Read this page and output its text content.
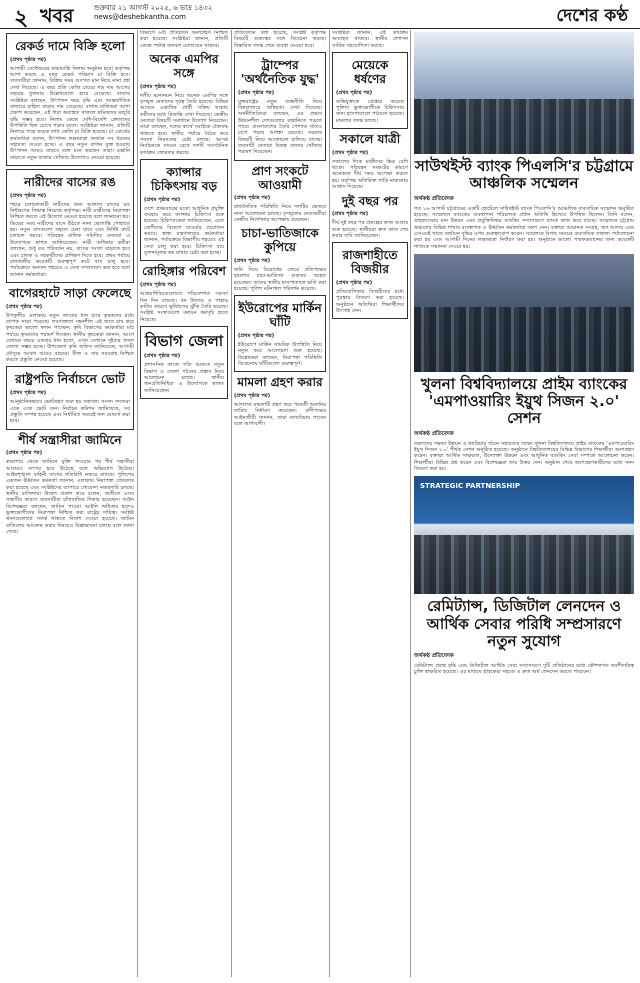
২ খবর	শুক্রবার ২১ আগস্ট ২০২৫, ৬ ভাদ্র ১৪৩২
news@deshebkantha.com	দেশের কণ্ঠ
রেকর্ড দামে বিক্রি হলো
(প্রথম পৃষ্ঠার পর)

আগামী সেপ্টেম্বরের মাঝামাঝি নিলাম অনুষ্ঠান হবে। কর্তৃপক্ষ আশা করছে এ বছর রেকর্ড পরিমাণ চা বিক্রি হবে। ব্যবসায়ীরা জানান, বিক্রির সময় গুণগত মান নিয়ে নানা প্রশ্ন দেখা দিয়েছে। এ বছর প্রতি কেজি চায়ের গড় দাম আগের বছরের তুলনায় উল্লেখযোগ্য হারে বেড়েছে। বাজার সংশ্লিষ্টরা বলছেন, উৎপাদন খরচ বৃদ্ধি এবং আন্তর্জাতিক বাজারে চাহিদা বাড়ায় দাম বেড়েছে। বাগান মালিকরা আশা প্রকাশ করেছেন, এই ধারা অব্যাহত থাকলে শ্রমিকদের মজুরি বৃদ্ধি সম্ভব হবে। নিলাম কেন্দ্রে দেশি-বিদেশি ক্রেতাদের উপস্থিতি ছিল চোখে পড়ার মতো। সংশ্লিষ্টরা জানান, প্রতিটি নিলামে গড়ে কয়েক লাখ কেজি চা বিক্রি হয়েছে। চা বোর্ডের কর্মকর্তারা বলেন, উৎপাদন লক্ষ্যমাত্রা অর্জনে সব ধরনের সহায়তা দেওয়া হচ্ছে। এ বছর নতুন বাগান যুক্ত হওয়ায় উৎপাদন আরও বাড়বে বলে মনে করছেন তারা। রপ্তানি বাড়াতে নতুন বাজার খোঁজার উদ্যোগও নেওয়া হয়েছে।

নারীদের বাসের রঙ
(প্রথম পৃষ্ঠার পর)

শহরে চলাচলকারী নারীদের জন্য আলাদা বাসের রঙ নির্ধারণের সিদ্ধান্ত নিয়েছে কর্তৃপক্ষ। নারী যাত্রীদের নিরাপত্তা নিশ্চিত করতে এই উদ্যোগ নেওয়া হয়েছে বলে জানানো হয়। ভিড়ের সময় নারীদের বাসে উঠতে নানা ভোগান্তি পোহাতে হয়। নতুন বাসগুলো সহজে চেনা যাবে এবং নির্দিষ্ট রুটে চলাচল করবে। পরিবহন মালিক সমিতির নেতারা এ উদ্যোগকে স্বাগত জানিয়েছেন। নারী অধিকার কর্মীরা বলছেন, শুধু রঙ পরিবর্তন নয়, বাসের সংখ্যা বাড়াতে হবে এবং চালক ও সহকারীদের প্রশিক্ষণ দিতে হবে। প্রথম পর্যায়ে রাজধানীর কয়েকটি গুরুত্বপূর্ণ রুটে বাস চালু হবে। পর্যায়ক্রমে অন্যান্য শহরেও এ সেবা সম্প্রসারণ করা হবে বলে জানান কর্মকর্তারা।

বাগেরহাটে সাড়া ফেলেছে
(প্রথম পৃষ্ঠার পর)

উপকূলীয় এলাকায় নতুন জাতের ধান চাষে কৃষকদের মধ্যে ব্যাপক সাড়া পড়েছে। লবণাক্ততা সহনশীল এই জাত চাষ করে কৃষকেরা ভালো ফলন পাচ্ছেন। কৃষি বিভাগের কর্মকর্তারা মাঠ পর্যায়ে কৃষকদের পরামর্শ দিচ্ছেন। স্থানীয় কৃষকেরা জানান, আগে যেখানে বছরে একবার ধান হতো, এখন সেখানে দুইবার ফসল তোলা সম্ভব হচ্ছে। উপজেলা কৃষি অফিস জানিয়েছে, আগামী মৌসুমে আবাদ আরও বাড়বে। বীজ ও সার সরবরাহ নিশ্চিত করতে প্রস্তুতি নেওয়া হয়েছে।

রাষ্ট্রপতি নির্বাচনে ভোট
(প্রথম পৃষ্ঠার পর)

আনুষ্ঠানিকভাবে ভোটগ্রহণ শুরু হয় সকালে। সংসদ সদস্যরা একে একে ভোট দেন। নির্বাচন কমিশন জানিয়েছে, সব প্রস্তুতি সম্পন্ন হয়েছে এবং নির্ধারিত সময়েই ফল ঘোষণা করা হবে।

শীর্ষ সন্ত্রাসীরা জামিনে
(প্রথম পৃষ্ঠার পর)

কারাগার থেকে জামিনে মুক্তি পাওয়ার পর শীর্ষ সন্ত্রাসীরা আবারও তৎপর হয়ে উঠেছে বলে অভিযোগ উঠেছে। আইনশৃঙ্খলা বাহিনী তাদের গতিবিধি নজরে রাখছে। পুলিশের একজন ঊর্ধ্বতন কর্মকর্তা জানান, এলাকায় নিরাপত্তা জোরদার করা হয়েছে এবং সংশ্লিষ্টদের ব্যাপারে গোয়েন্দা নজরদারি চলছে। স্থানীয় বাসিন্দারা উদ্বেগ প্রকাশ করে বলেন, অতীতে এসব সন্ত্রাসীর কারণে ব্যবসায়ীরা চাঁদাবাজির শিকার হয়েছেন। আইন বিশেষজ্ঞরা বলছেন, জামিন পাওয়া আইনি অধিকার হলেও ভুক্তভোগীদের নিরাপত্তা নিশ্চিত করা রাষ্ট্রের দায়িত্ব। সংশ্লিষ্ট থানাগুলোকে সতর্ক থাকতে নির্দেশ দেওয়া হয়েছে। জামিন বাতিলের আবেদন করার বিষয়েও চিন্তাভাবনা চলছে বলে জানা গেছে।

বিভাগে ৬টি প্রতিষ্ঠানে অংশগ্রহণ নিশ্চিত করা হয়েছে। সংশ্লিষ্টরা জানান, প্রতিটি কেন্দ্রে পর্যাপ্ত জনবল মোতায়েন থাকবে।

অনেক এমপির সঙ্গে
(প্রথম পৃষ্ঠার পর)

দলীয় মনোনয়ন নিয়ে অনেক এমপির সঙ্গে তৃণমূল নেতাদের দূরত্ব তৈরি হয়েছে। বিভিন্ন আসনে একাধিক প্রার্থী সক্রিয় থাকায় কর্মীদের মধ্যে বিভ্রান্তি দেখা দিয়েছে। কেন্দ্রীয় নেতারা বিষয়টি সমাধানে উদ্যোগ নিয়েছেন। তারা বলছেন, দলের স্বার্থে সবাইকে ঐক্যবদ্ধ থাকতে হবে। স্থানীয় পর্যায়ে বৈঠক করে সমস্যা নিরসনের চেষ্টা চলছে। আসন্ন নির্বাচনকে সামনে রেখে দলটি সাংগঠনিক কার্যক্রম জোরদার করছে।

ক্যান্সার চিকিৎসায় বড়
(প্রথম পৃষ্ঠার পর)

দেশে প্রথমবারের মতো আধুনিক প্রযুক্তি ব্যবহার করে ক্যান্সার চিকিৎসা শুরু হয়েছে। চিকিৎসকেরা জানিয়েছেন, এতে রোগীদের বিদেশে যাওয়ার প্রয়োজন কমবে। স্বাস্থ্য মন্ত্রণালয়ের কর্মকর্তারা জানান, পর্যায়ক্রমে বিভাগীয় শহরেও এই সেবা চালু করা হবে। চিকিৎসা ব্যয় তুলনামূলক কম রাখার চেষ্টা করা হচ্ছে।

রোহিঙ্গার পরিবেশ
(প্রথম পৃষ্ঠার পর)

আশ্রয়শিবিরগুলোতে পরিবেশগত সমস্যা দিন দিন বাড়ছে। বন উজাড় ও পাহাড় কাটার কারণে ভূমিধসের ঝুঁকি তৈরি হয়েছে। সংশ্লিষ্ট সংস্থাগুলো বনায়ন কর্মসূচি হাতে নিয়েছে।

বিভাগ জেলা
(প্রথম পৃষ্ঠার পর)

প্রশাসনিক কাজে গতি আনতে নতুন বিভাগ ও জেলা গঠনের প্রস্তাব নিয়ে আলোচনা চলছে। স্থানীয় জনপ্রতিনিধিরা এ উদ্যোগকে স্বাগত জানিয়েছেন।

প্রতিবেদনে বলা হয়েছে, সংশ্লিষ্ট কর্তৃপক্ষ বিষয়টি গুরুত্বের সঙ্গে বিবেচনা করছে। বিস্তারিত তদন্ত শেষে ব্যবস্থা নেওয়া হবে।

ট্রাম্পের 'অর্থনৈতিক যুদ্ধ'
(প্রথম পৃষ্ঠার পর)

যুক্তরাষ্ট্রের নতুন শুল্কনীতি নিয়ে বিশ্ববাজারে অস্থিরতা দেখা দিয়েছে। অর্থনীতিবিদরা বলছেন, এর প্রভাব উন্নয়নশীল দেশগুলোর রপ্তানিতে পড়তে পারে। বাংলাদেশের তৈরি পোশাক খাতও চাপে পড়ার আশঙ্কা রয়েছে। সরকার বিষয়টি নিয়ে আলোচনা চালিয়ে যাচ্ছে। ব্যবসায়ী নেতারা বিকল্প বাজার খোঁজার পরামর্শ দিয়েছেন।

প্রাণ সংকটে আওয়ামী
(প্রথম পৃষ্ঠার পর)

রাজনৈতিক পরিস্থিতি নিয়ে দলটির ভেতরে নানা আলোচনা চলছে। তৃণমূলের নেতাকর্মীরা কেন্দ্রীয় নির্দেশনার অপেক্ষায় রয়েছেন।

চাচা-ভাতিজাকে কুপিয়ে
(প্রথম পৃষ্ঠার পর)

জমি নিয়ে বিরোধের জেরে প্রতিপক্ষের হামলায় চাচা-ভাতিজা গুরুতর আহত হয়েছেন। তাদের স্থানীয় হাসপাতালে ভর্তি করা হয়েছে। পুলিশ ঘটনাস্থল পরিদর্শন করেছে।

ইউরোপের মার্কিন ঘাঁটি
(প্রথম পৃষ্ঠার পর)

ইউরোপে মার্কিন সামরিক উপস্থিতি নিয়ে নতুন করে আলোচনা শুরু হয়েছে। বিশ্লেষকরা বলছেন, নিরাপত্তা পরিস্থিতি বিবেচনায় ঘাঁটিগুলো গুরুত্বপূর্ণ।

মামলা গ্রহণ করার
(প্রথম পৃষ্ঠার পর)

আদালত মামলাটি গ্রহণ করে পরবর্তী শুনানির তারিখ নির্ধারণ করেছেন। বাদীপক্ষের আইনজীবী জানান, তারা ন্যায়বিচার পাবেন বলে আশাবাদী।

সংশ্লিষ্টরা জানান, এই কার্যক্রম অব্যাহত থাকবে। স্থানীয় প্রশাসন সার্বিক সহযোগিতা করছে।

মেয়েকে ধর্ষণের
(প্রথম পৃষ্ঠার পর)

অভিযুক্তকে গ্রেপ্তার করেছে পুলিশ। ভুক্তভোগীকে চিকিৎসার জন্য হাসপাতালে পাঠানো হয়েছে। মামলার তদন্ত চলছে।

সকালে যাত্রী
(প্রথম পৃষ্ঠার পর)

সকালের দিকে যাত্রীদের ভিড় বেশি থাকে। পরিবহন সংকটের কারণে অনেককে দীর্ঘ সময় অপেক্ষা করতে হয়। কর্তৃপক্ষ অতিরিক্ত গাড়ি নামানোর আশ্বাস দিয়েছে।

দুই বছর পর
(প্রথম পৃষ্ঠার পর)

দীর্ঘ দুই বছর পর প্রকল্পের কাজ আবার শুরু হয়েছে। স্থানীয়রা দ্রুত কাজ শেষ করার দাবি জানিয়েছেন।

রাজশাহীতে বিজয়ীর
(প্রথম পৃষ্ঠার পর)

প্রতিযোগিতায় বিজয়ীদের মধ্যে পুরস্কার বিতরণ করা হয়েছে। অনুষ্ঠানে অতিথিরা শিক্ষার্থীদের উৎসাহ দেন।

সাউথইস্ট ব্যাংক পিএলসি'র চট্টগ্রামে আঞ্চলিক সম্মেলন
অর্থকণ্ঠ প্রতিবেদক

গত ১৬ আগস্ট চট্টগ্রামের একটি হোটেলে সাউথইস্ট ব্যাংক পিএলসি'র আঞ্চলিক ব্যবসায়িক সম্মেলন অনুষ্ঠিত হয়েছে। সম্মেলনে ব্যাংকের ব্যবস্থাপনা পরিচালক প্রধান অতিথি হিসেবে উপস্থিত ছিলেন। তিনি বলেন, গ্রাহকসেবার মান উন্নয়ন এবং প্রযুক্তিনির্ভর ব্যাংকিং সম্প্রসারণে ব্যাংক কাজ করে যাচ্ছে। সম্মেলনে চট্টগ্রাম অঞ্চলের বিভিন্ন শাখার ব্যবস্থাপক ও ঊর্ধ্বতন কর্মকর্তারা অংশ নেন। বক্তারা আমানত সংগ্রহ, ঋণ আদায় এবং এসএমই খাতে অর্থায়ন বৃদ্ধির ওপর গুরুত্বারোপ করেন। সম্মেলনে বিগত সময়ের ব্যবসায়িক সাফল্য পর্যালোচনা করা হয় এবং আগামী দিনের লক্ষ্যমাত্রা নির্ধারণ করা হয়। অনুষ্ঠানে ভালো পারফরম্যান্সের জন্য কয়েকটি শাখাকে সম্মাননা দেওয়া হয়।

খুলনা বিশ্ববিদ্যালয়ে প্রাইম ব্যাংকের 'এমপাওয়ারিং ইয়ুথ সিজন ২.০' সেশন
অর্থকণ্ঠ প্রতিবেদক

তরুণদের দক্ষতা উন্নয়ন ও ক্যারিয়ার গঠনে সহায়তার লক্ষ্যে খুলনা বিশ্ববিদ্যালয়ে প্রাইম ব্যাংকের 'এমপাওয়ারিং ইয়ুথ সিজন ২.০' শীর্ষক সেশন অনুষ্ঠিত হয়েছে। অনুষ্ঠানে বিশ্ববিদ্যালয়ের বিভিন্ন বিভাগের শিক্ষার্থীরা অংশগ্রহণ করেন। বক্তারা আর্থিক সাক্ষরতা, উদ্যোক্তা উন্নয়ন এবং আধুনিক ব্যাংকিং সেবা সম্পর্কে আলোচনা করেন। শিক্ষার্থীরা বিভিন্ন প্রশ্ন করেন এবং বিশেষজ্ঞরা তার উত্তর দেন। অনুষ্ঠান শেষে অংশগ্রহণকারীদের মধ্যে সনদ বিতরণ করা হয়।

STRATEGIC PARTNERSHIP
রেমিট্যান্স, ডিজিটাল লেনদেন ও আর্থিক সেবার পরিধি সম্প্রসারণে নতুন সুযোগ
অর্থকণ্ঠ প্রতিবেদক

রেমিট্যান্স প্রবাহ বৃদ্ধি এবং ডিজিটাল আর্থিক সেবা সম্প্রসারণে দুটি প্রতিষ্ঠানের মধ্যে কৌশলগত অংশীদারিত্ব চুক্তি স্বাক্ষরিত হয়েছে। এর মাধ্যমে গ্রাহকেরা সহজে ও দ্রুত অর্থ লেনদেন করতে পারবেন।
